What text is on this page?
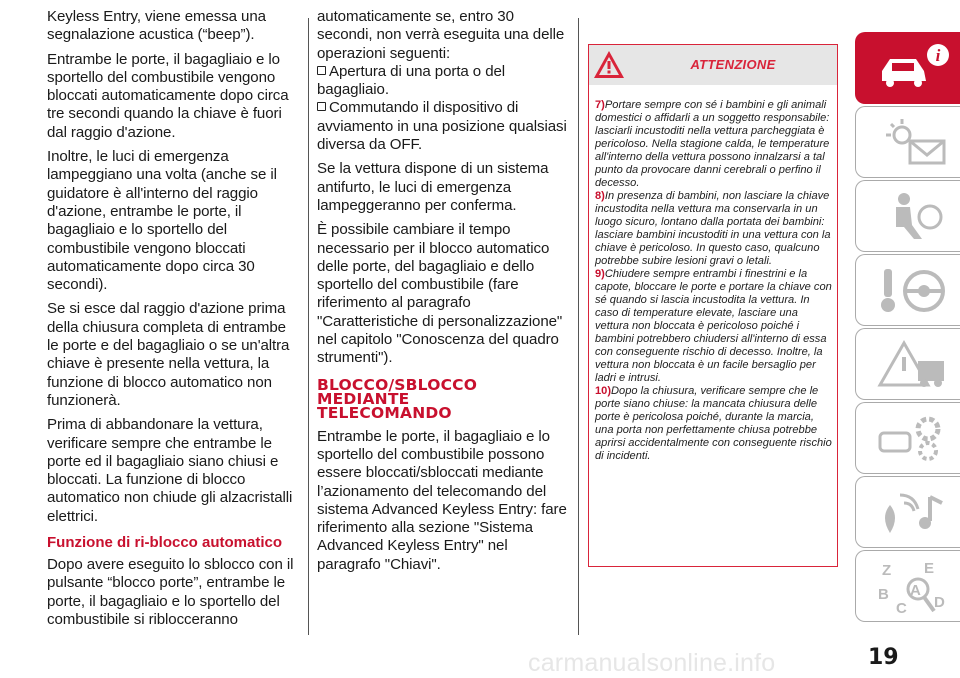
Keyless Entry, viene emessa una segnalazione acustica (“beep”).

Entrambe le porte, il bagagliaio e lo sportello del combustibile vengono bloccati automaticamente dopo circa tre secondi quando la chiave è fuori dal raggio d'azione.

Inoltre, le luci di emergenza lampeggiano una volta (anche se il guidatore è all'interno del raggio d'azione, entrambe le porte, il bagagliaio e lo sportello del combustibile vengono bloccati automaticamente dopo circa 30 secondi).

Se si esce dal raggio d'azione prima della chiusura completa di entrambe le porte e del bagagliaio o se un'altra chiave è presente nella vettura, la funzione di blocco automatico non funzionerà.

Prima di abbandonare la vettura, verificare sempre che entrambe le porte ed il bagagliaio siano chiusi e bloccati. La funzione di blocco automatico non chiude gli alzacristalli elettrici.

Funzione di ri-blocco automatico

Dopo avere eseguito lo sblocco con il pulsante “blocco porte”, entrambe le porte, il bagagliaio e lo sportello del combustibile si riblocceranno

automaticamente se, entro 30 secondi, non verrà eseguita una delle operazioni seguenti:

Apertura di una porta o del bagagliaio.

Commutando il dispositivo di avviamento in una posizione qualsiasi diversa da OFF.

Se la vettura dispone di un sistema antifurto, le luci di emergenza lampeggeranno per conferma.

È possibile cambiare il tempo necessario per il blocco automatico delle porte, del bagagliaio e dello sportello del combustibile (fare riferimento al paragrafo "Caratteristiche di personalizzazione" nel capitolo "Conoscenza del quadro strumenti").

BLOCCO/SBLOCCO
MEDIANTE
TELECOMANDO

Entrambe le porte, il bagagliaio e lo sportello del combustibile possono essere bloccati/sbloccati mediante l’azionamento del telecomando del sistema Advanced Keyless Entry: fare riferimento alla sezione "Sistema Advanced Keyless Entry" nel paragrafo "Chiavi".

ATTENZIONE

7)Portare sempre con sé i bambini e gli animali domestici o affidarli a un soggetto responsabile: lasciarli incustoditi nella vettura parcheggiata è pericoloso. Nella stagione calda, le temperature all'interno della vettura possono innalzarsi a tal punto da provocare danni cerebrali o perfino il decesso.

8)In presenza di bambini, non lasciare la chiave incustodita nella vettura ma conservarla in un luogo sicuro, lontano dalla portata dei bambini: lasciare bambini incustoditi in una vettura con la chiave è pericoloso. In questo caso, qualcuno potrebbe subire lesioni gravi o letali.

9)Chiudere sempre entrambi i finestrini e la capote, bloccare le porte e portare la chiave con sé quando si lascia incustodita la vettura. In caso di temperature elevate, lasciare una vettura non bloccata è pericoloso poiché i bambini potrebbero chiudersi all'interno di essa con conseguente rischio di decesso. Inoltre, la vettura non bloccata è un facile bersaglio per ladri e intrusi.

10)Dopo la chiusura, verificare sempre che le porte siano chiuse: la mancata chiusura delle porte è pericolosa poiché, durante la marcia, una porta non perfettamente chiusa potrebbe aprirsi accidentalmente con conseguente rischio di incidenti.

i
Z E
B
C
A
D
19
carmanualsonline.info
